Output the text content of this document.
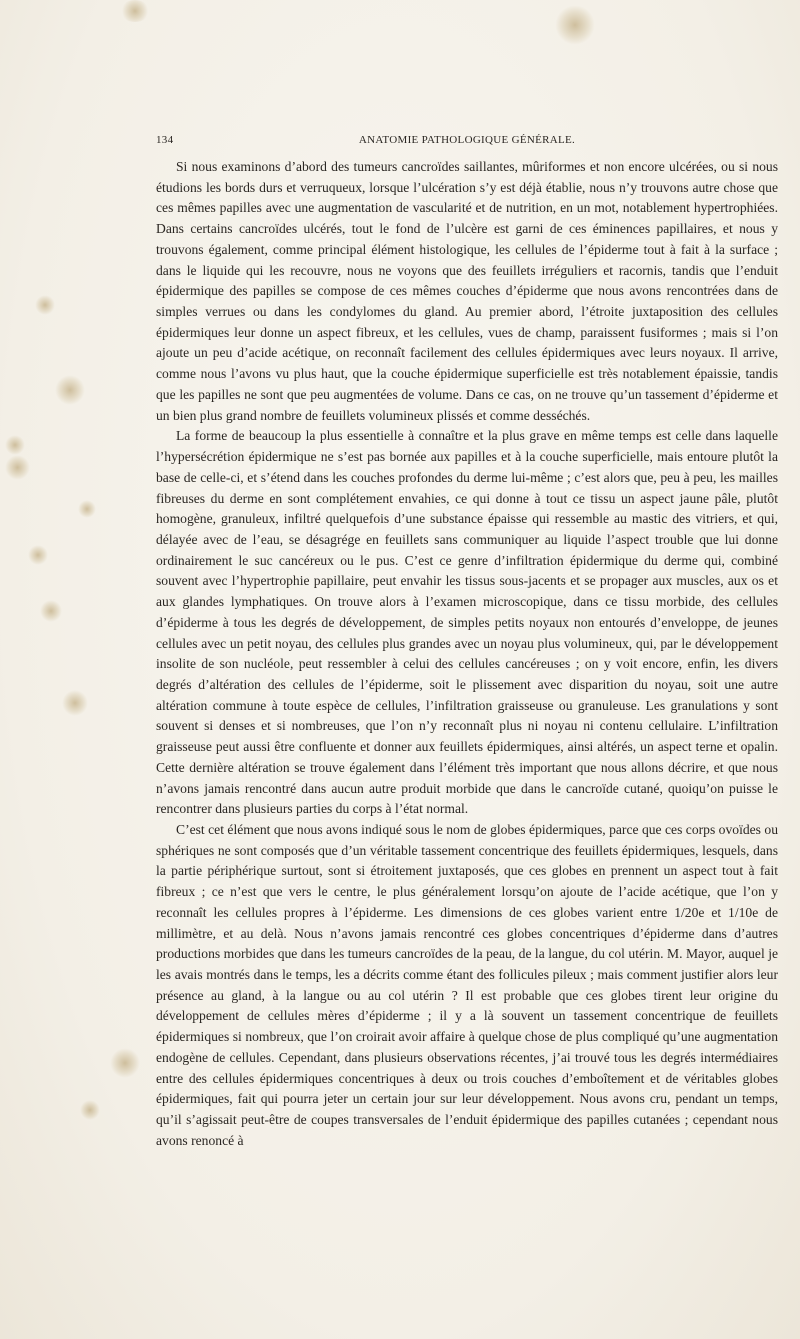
134	ANATOMIE PATHOLOGIQUE GÉNÉRALE.

Si nous examinons d’abord des tumeurs cancroïdes saillantes, mûriformes et non encore ulcérées, ou si nous étudions les bords durs et verruqueux, lorsque l’ulcération s’y est déjà établie, nous n’y trouvons autre chose que ces mêmes papilles avec une augmentation de vascularité et de nutrition, en un mot, notablement hypertrophiées. Dans certains cancroïdes ulcérés, tout le fond de l’ulcère est garni de ces éminences papillaires, et nous y trouvons également, comme principal élément histologique, les cellules de l’épiderme tout à fait à la surface ; dans le liquide qui les recouvre, nous ne voyons que des feuillets irréguliers et racornis, tandis que l’enduit épidermique des papilles se compose de ces mêmes couches d’épiderme que nous avons rencontrées dans de simples verrues ou dans les condylomes du gland. Au premier abord, l’étroite juxtaposition des cellules épidermiques leur donne un aspect fibreux, et les cellules, vues de champ, paraissent fusiformes ; mais si l’on ajoute un peu d’acide acétique, on reconnaît facilement des cellules épidermiques avec leurs noyaux. Il arrive, comme nous l’avons vu plus haut, que la couche épidermique superficielle est très notablement épaissie, tandis que les papilles ne sont que peu augmentées de volume. Dans ce cas, on ne trouve qu’un tassement d’épiderme et un bien plus grand nombre de feuillets volumineux plissés et comme desséchés.

La forme de beaucoup la plus essentielle à connaître et la plus grave en même temps est celle dans laquelle l’hypersécrétion épidermique ne s’est pas bornée aux papilles et à la couche superficielle, mais entoure plutôt la base de celle-ci, et s’étend dans les couches profondes du derme lui-même ; c’est alors que, peu à peu, les mailles fibreuses du derme en sont complétement envahies, ce qui donne à tout ce tissu un aspect jaune pâle, plutôt homogène, granuleux, infiltré quelquefois d’une substance épaisse qui ressemble au mastic des vitriers, et qui, délayée avec de l’eau, se désagrége en feuillets sans communiquer au liquide l’aspect trouble que lui donne ordinairement le suc cancéreux ou le pus. C’est ce genre d’infiltration épidermique du derme qui, combiné souvent avec l’hypertrophie papillaire, peut envahir les tissus sous-jacents et se propager aux muscles, aux os et aux glandes lymphatiques. On trouve alors à l’examen microscopique, dans ce tissu morbide, des cellules d’épiderme à tous les degrés de développement, de simples petits noyaux non entourés d’enveloppe, de jeunes cellules avec un petit noyau, des cellules plus grandes avec un noyau plus volumineux, qui, par le développement insolite de son nucléole, peut ressembler à celui des cellules cancéreuses ; on y voit encore, enfin, les divers degrés d’altération des cellules de l’épiderme, soit le plissement avec disparition du noyau, soit une autre altération commune à toute espèce de cellules, l’infiltration graisseuse ou granuleuse. Les granulations y sont souvent si denses et si nombreuses, que l’on n’y reconnaît plus ni noyau ni contenu cellulaire. L’infiltration graisseuse peut aussi être confluente et donner aux feuillets épidermiques, ainsi altérés, un aspect terne et opalin. Cette dernière altération se trouve également dans l’élément très important que nous allons décrire, et que nous n’avons jamais rencontré dans aucun autre produit morbide que dans le cancroïde cutané, quoiqu’on puisse le rencontrer dans plusieurs parties du corps à l’état normal.

C’est cet élément que nous avons indiqué sous le nom de globes épidermiques, parce que ces corps ovoïdes ou sphériques ne sont composés que d’un véritable tassement concentrique des feuillets épidermiques, lesquels, dans la partie périphérique surtout, sont si étroitement juxtaposés, que ces globes en prennent un aspect tout à fait fibreux ; ce n’est que vers le centre, le plus généralement lorsqu’on ajoute de l’acide acétique, que l’on y reconnaît les cellules propres à l’épiderme. Les dimensions de ces globes varient entre 1/20e et 1/10e de millimètre, et au delà. Nous n’avons jamais rencontré ces globes concentriques d’épiderme dans d’autres productions morbides que dans les tumeurs cancroïdes de la peau, de la langue, du col utérin. M. Mayor, auquel je les avais montrés dans le temps, les a décrits comme étant des follicules pileux ; mais comment justifier alors leur présence au gland, à la langue ou au col utérin ? Il est probable que ces globes tirent leur origine du développement de cellules mères d’épiderme ; il y a là souvent un tassement concentrique de feuillets épidermiques si nombreux, que l’on croirait avoir affaire à quelque chose de plus compliqué qu’une augmentation endogène de cellules. Cependant, dans plusieurs observations récentes, j’ai trouvé tous les degrés intermédiaires entre des cellules épidermiques concentriques à deux ou trois couches d’emboîtement et de véritables globes épidermiques, fait qui pourra jeter un certain jour sur leur développement. Nous avons cru, pendant un temps, qu’il s’agissait peut-être de coupes transversales de l’enduit épidermique des papilles cutanées ; cependant nous avons renoncé à
